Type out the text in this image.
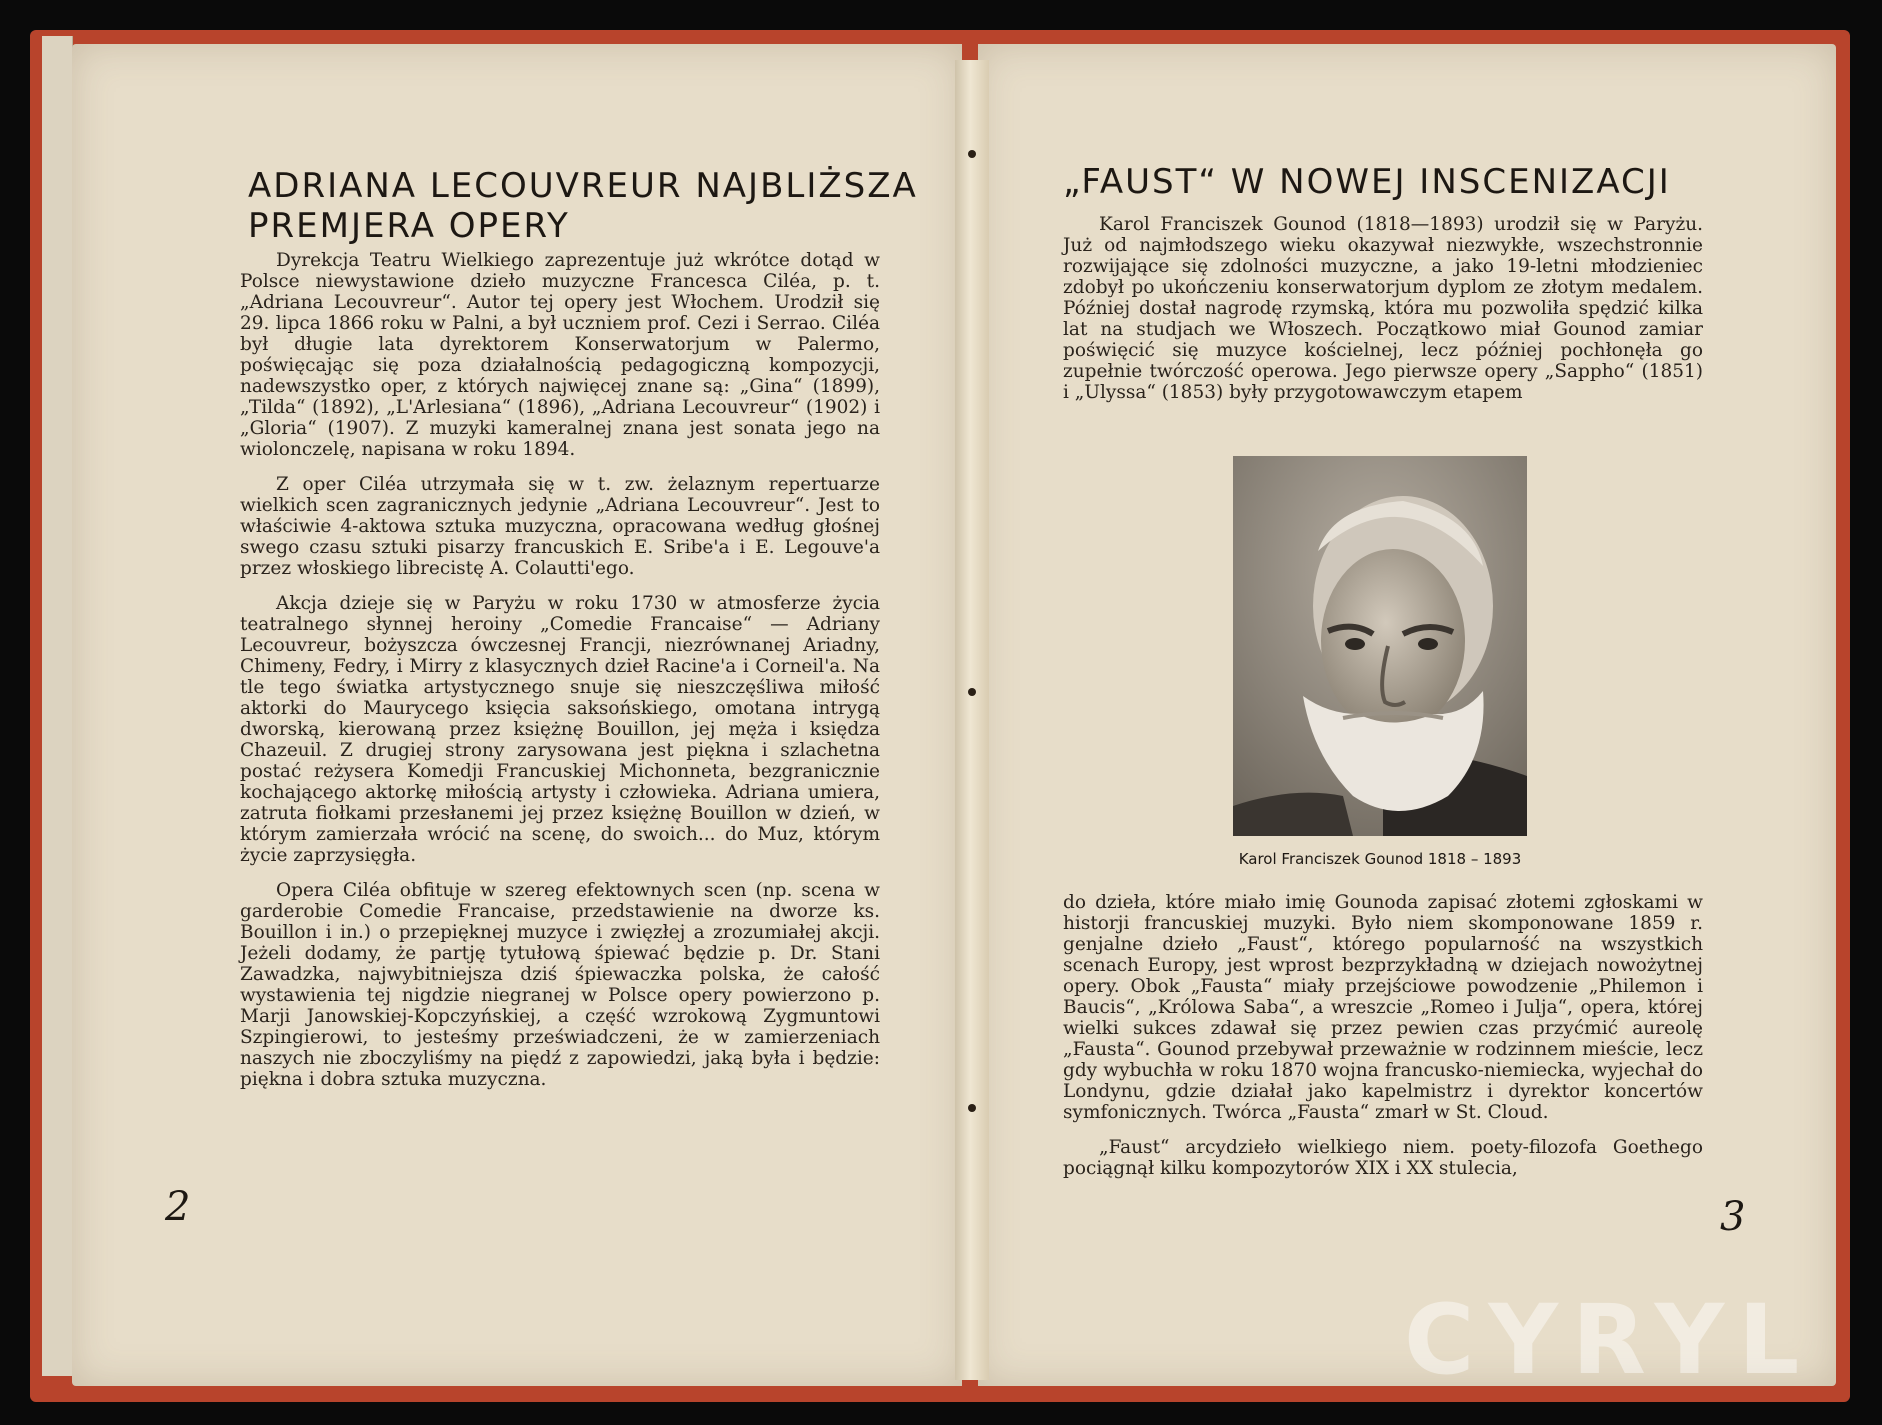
ADRIANA LECOUVREUR NAJBLIŻSZA
PREMJERA OPERY

Dyrekcja Teatru Wielkiego zaprezentuje już wkrótce dotąd w Polsce niewystawione dzieło muzyczne Francesca Ciléa, p. t. „Adriana Lecouvreur“. Autor tej opery jest Włochem. Urodził się 29. lipca 1866 roku w Palni, a był uczniem prof. Cezi i Serrao. Ciléa był długie lata dyrektorem Konserwatorjum w Palermo, poświęcając się poza działalnością pedagogiczną kompozycji, nadewszystko oper, z których najwięcej znane są: „Gina“ (1899), „Tilda“ (1892), „L'Arlesiana“ (1896), „Adriana Lecouvreur“ (1902) i „Gloria“ (1907). Z muzyki kameralnej znana jest sonata jego na wiolonczelę, napisana w roku 1894.

Z oper Ciléa utrzymała się w t. zw. żelaznym repertuarze wielkich scen zagranicznych jedynie „Adriana Lecouvreur“. Jest to właściwie 4-aktowa sztuka muzyczna, opracowana według głośnej swego czasu sztuki pisarzy francuskich E. Sribe'a i E. Legouve'a przez włoskiego librecistę A. Colautti'ego.

Akcja dzieje się w Paryżu w roku 1730 w atmosferze życia teatralnego słynnej heroiny „Comedie Francaise“ — Adriany Lecouvreur, bożyszcza ówczesnej Francji, niezrównanej Ariadny, Chimeny, Fedry, i Mirry z klasycznych dzieł Racine'a i Corneil'a. Na tle tego światka artystycznego snuje się nieszczęśliwa miłość aktorki do Maurycego księcia saksońskiego, omotana intrygą dworską, kierowaną przez księżnę Bouillon, jej męża i księdza Chazeuil. Z drugiej strony zarysowana jest piękna i szlachetna postać reżysera Komedji Francuskiej Michonneta, bezgranicznie kochającego aktorkę miłością artysty i człowieka. Adriana umiera, zatruta fiołkami przesłanemi jej przez księżnę Bouillon w dzień, w którym zamierzała wrócić na scenę, do swoich... do Muz, którym życie zaprzysięgła.

Opera Ciléa obfituje w szereg efektownych scen (np. scena w garderobie Comedie Francaise, przedstawienie na dworze ks. Bouillon i in.) o przepięknej muzyce i zwięzłej a zrozumiałej akcji. Jeżeli dodamy, że partję tytułową śpiewać będzie p. Dr. Stani Zawadzka, najwybitniejsza dziś śpiewaczka polska, że całość wystawienia tej nigdzie niegranej w Polsce opery powierzono p. Marji Janowskiej-Kopczyńskiej, a część wzrokową Zygmuntowi Szpingierowi, to jesteśmy przeświadczeni, że w zamierzeniach naszych nie zboczyliśmy na piędź z zapowiedzi, jaką była i będzie: piękna i dobra sztuka muzyczna.

2
„FAUST“ W NOWEJ INSCENIZACJI

Karol Franciszek Gounod (1818—1893) urodził się w Paryżu. Już od najmłodszego wieku okazywał niezwykłe, wszechstronnie rozwijające się zdolności muzyczne, a jako 19-letni młodzieniec zdobył po ukończeniu konserwatorjum dyplom ze złotym medalem. Później dostał nagrodę rzymską, która mu pozwoliła spędzić kilka lat na studjach we Włoszech. Początkowo miał Gounod zamiar poświęcić się muzyce kościelnej, lecz później pochłonęła go zupełnie twórczość operowa. Jego pierwsze opery „Sappho“ (1851) i „Ulyssa“ (1853) były przygotowawczym etapem

Karol Franciszek Gounod 1818 – 1893

do dzieła, które miało imię Gounoda zapisać złotemi zgłoskami w historji francuskiej muzyki. Było niem skomponowane 1859 r. genjalne dzieło „Faust“, którego popularność na wszystkich scenach Europy, jest wprost bezprzykładną w dziejach nowożytnej opery. Obok „Fausta“ miały przejściowe powodzenie „Philemon i Baucis“, „Królowa Saba“, a wreszcie „Romeo i Julja“, opera, której wielki sukces zdawał się przez pewien czas przyćmić aureolę „Fausta“. Gounod przebywał przeważnie w rodzinnem mieście, lecz gdy wybuchła w roku 1870 wojna francusko-niemiecka, wyjechał do Londynu, gdzie działał jako kapelmistrz i dyrektor koncertów symfonicznych. Twórca „Fausta“ zmarł w St. Cloud.

„Faust“ arcydzieło wielkiego niem. poety-filozofa Goethego pociągnął kilku kompozytorów XIX i XX stulecia,

3
CYRYL
